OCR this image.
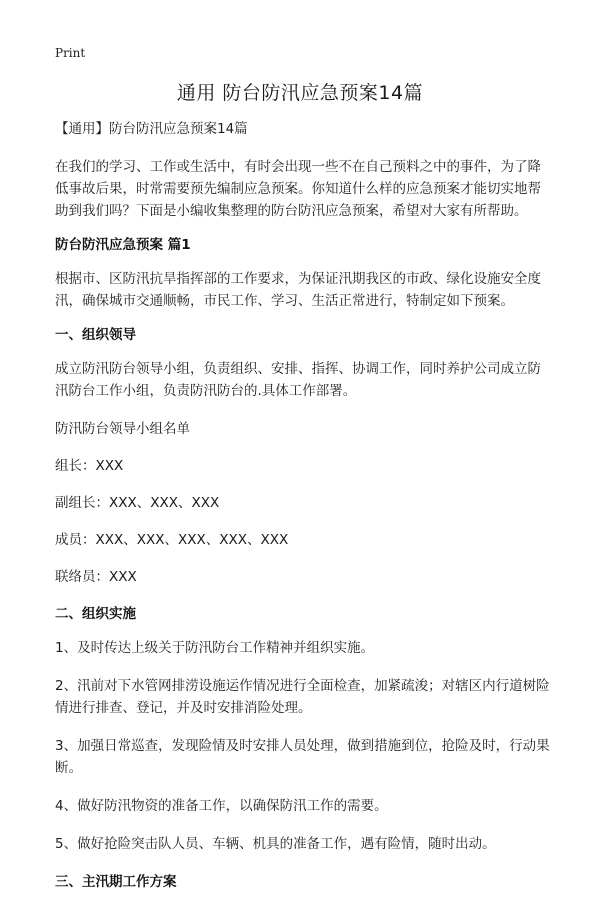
Print
通用 防台防汛应急预案14篇

【通用】防台防汛应急预案14篇

在我们的学习、工作或生活中，有时会出现一些不在自己预料之中的事件，为了降低事故后果，时常需要预先编制应急预案。你知道什么样的应急预案才能切实地帮助到我们吗？下面是小编收集整理的防台防汛应急预案，希望对大家有所帮助。

防台防汛应急预案 篇1

根据市、区防汛抗旱指挥部的工作要求，为保证汛期我区的市政、绿化设施安全度汛，确保城市交通顺畅，市民工作、学习、生活正常进行，特制定如下预案。

一、组织领导

成立防汛防台领导小组，负责组织、安排、指挥、协调工作，同时养护公司成立防汛防台工作小组，负责防汛防台的.具体工作部署。

防汛防台领导小组名单

组长：XXX

副组长：XXX、XXX、XXX

成员：XXX、XXX、XXX、XXX、XXX

联络员：XXX

二、组织实施

1、及时传达上级关于防汛防台工作精神并组织实施。

2、汛前对下水管网排涝设施运作情况进行全面检查，加紧疏浚；对辖区内行道树险情进行排查、登记，并及时安排消险处理。

3、加强日常巡查，发现险情及时安排人员处理，做到措施到位，抢险及时，行动果断。

4、做好防汛物资的准备工作，以确保防汛工作的需要。

5、做好抢险突击队人员、车辆、机具的准备工作，遇有险情，随时出动。

三、主汛期工作方案
